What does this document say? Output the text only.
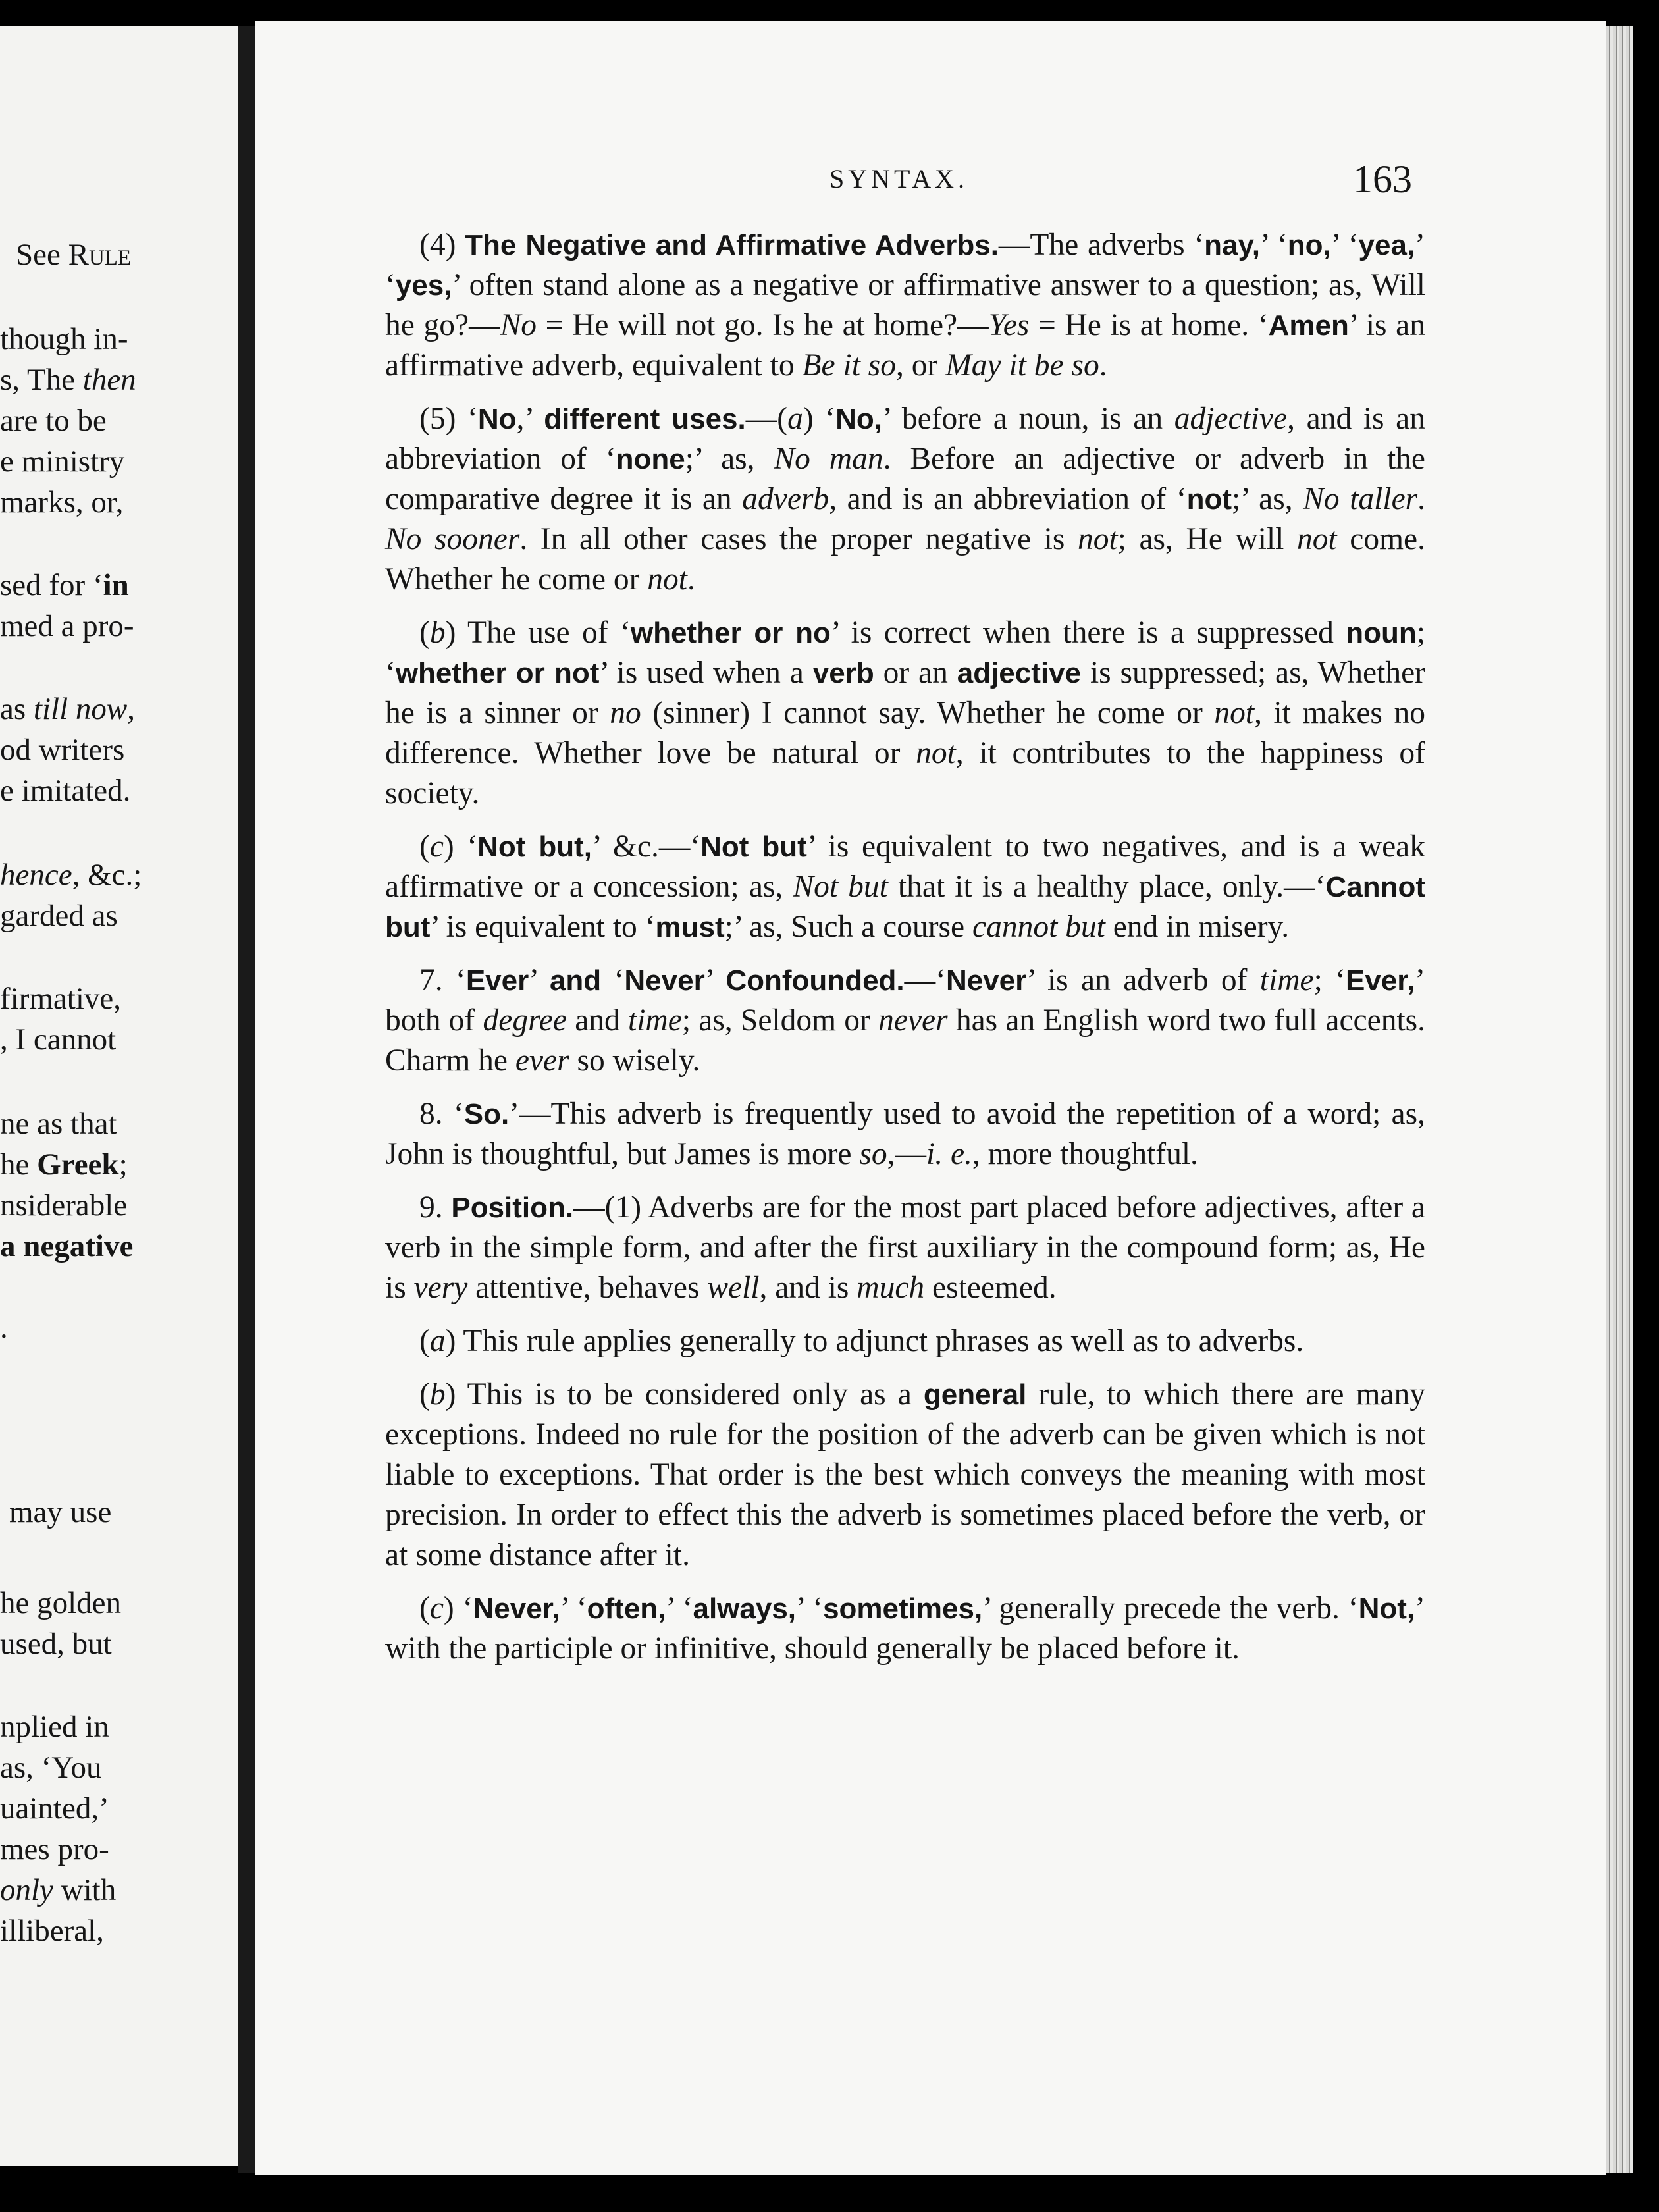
See Rule
though in-
s, The then
are to be
e ministry
marks, or,
sed for ‘in
med a pro-
as till now,
od writers
e imitated.
hence, &c.;
garded as
firmative,
, I cannot
ne as that
he Greek;
nsiderable
a negative
.
may use
he golden
used, but
nplied in
as, ‘You
uainted,’
mes pro-
only with
illiberal,
SYNTAX.	163

(4) The Negative and Affirmative Adverbs.—The adverbs ‘nay,’ ‘no,’ ‘yea,’ ‘yes,’ often stand alone as a negative or affirmative answer to a question; as, Will he go?—No = He will not go. Is he at home?—Yes = He is at home. ‘Amen’ is an affirmative adverb, equivalent to Be it so, or May it be so.

(5) ‘No,’ different uses.—(a) ‘No,’ before a noun, is an adjective, and is an abbreviation of ‘none;’ as, No man. Before an adjective or adverb in the comparative degree it is an adverb, and is an abbreviation of ‘not;’ as, No taller. No sooner. In all other cases the proper negative is not; as, He will not come. Whether he come or not.

(b) The use of ‘whether or no’ is correct when there is a suppressed noun; ‘whether or not’ is used when a verb or an adjective is suppressed; as, Whether he is a sinner or no (sinner) I cannot say. Whether he come or not, it makes no difference. Whether love be natural or not, it contributes to the happiness of society.

(c) ‘Not but,’ &c.—‘Not but’ is equivalent to two negatives, and is a weak affirmative or a concession; as, Not but that it is a healthy place, only.—‘Cannot but’ is equivalent to ‘must;’ as, Such a course cannot but end in misery.

7. ‘Ever’ and ‘Never’ Confounded.—‘Never’ is an adverb of time; ‘Ever,’ both of degree and time; as, Seldom or never has an English word two full accents. Charm he ever so wisely.

8. ‘So.’—This adverb is frequently used to avoid the repetition of a word; as, John is thoughtful, but James is more so,—i. e., more thoughtful.

9. Position.—(1) Adverbs are for the most part placed before adjectives, after a verb in the simple form, and after the first auxiliary in the compound form; as, He is very attentive, behaves well, and is much esteemed.

(a) This rule applies generally to adjunct phrases as well as to adverbs.

(b) This is to be considered only as a general rule, to which there are many exceptions. Indeed no rule for the position of the adverb can be given which is not liable to exceptions. That order is the best which conveys the meaning with most precision. In order to effect this the adverb is sometimes placed before the verb, or at some distance after it.

(c) ‘Never,’ ‘often,’ ‘always,’ ‘sometimes,’ generally precede the verb. ‘Not,’ with the participle or infinitive, should generally be placed before it.
